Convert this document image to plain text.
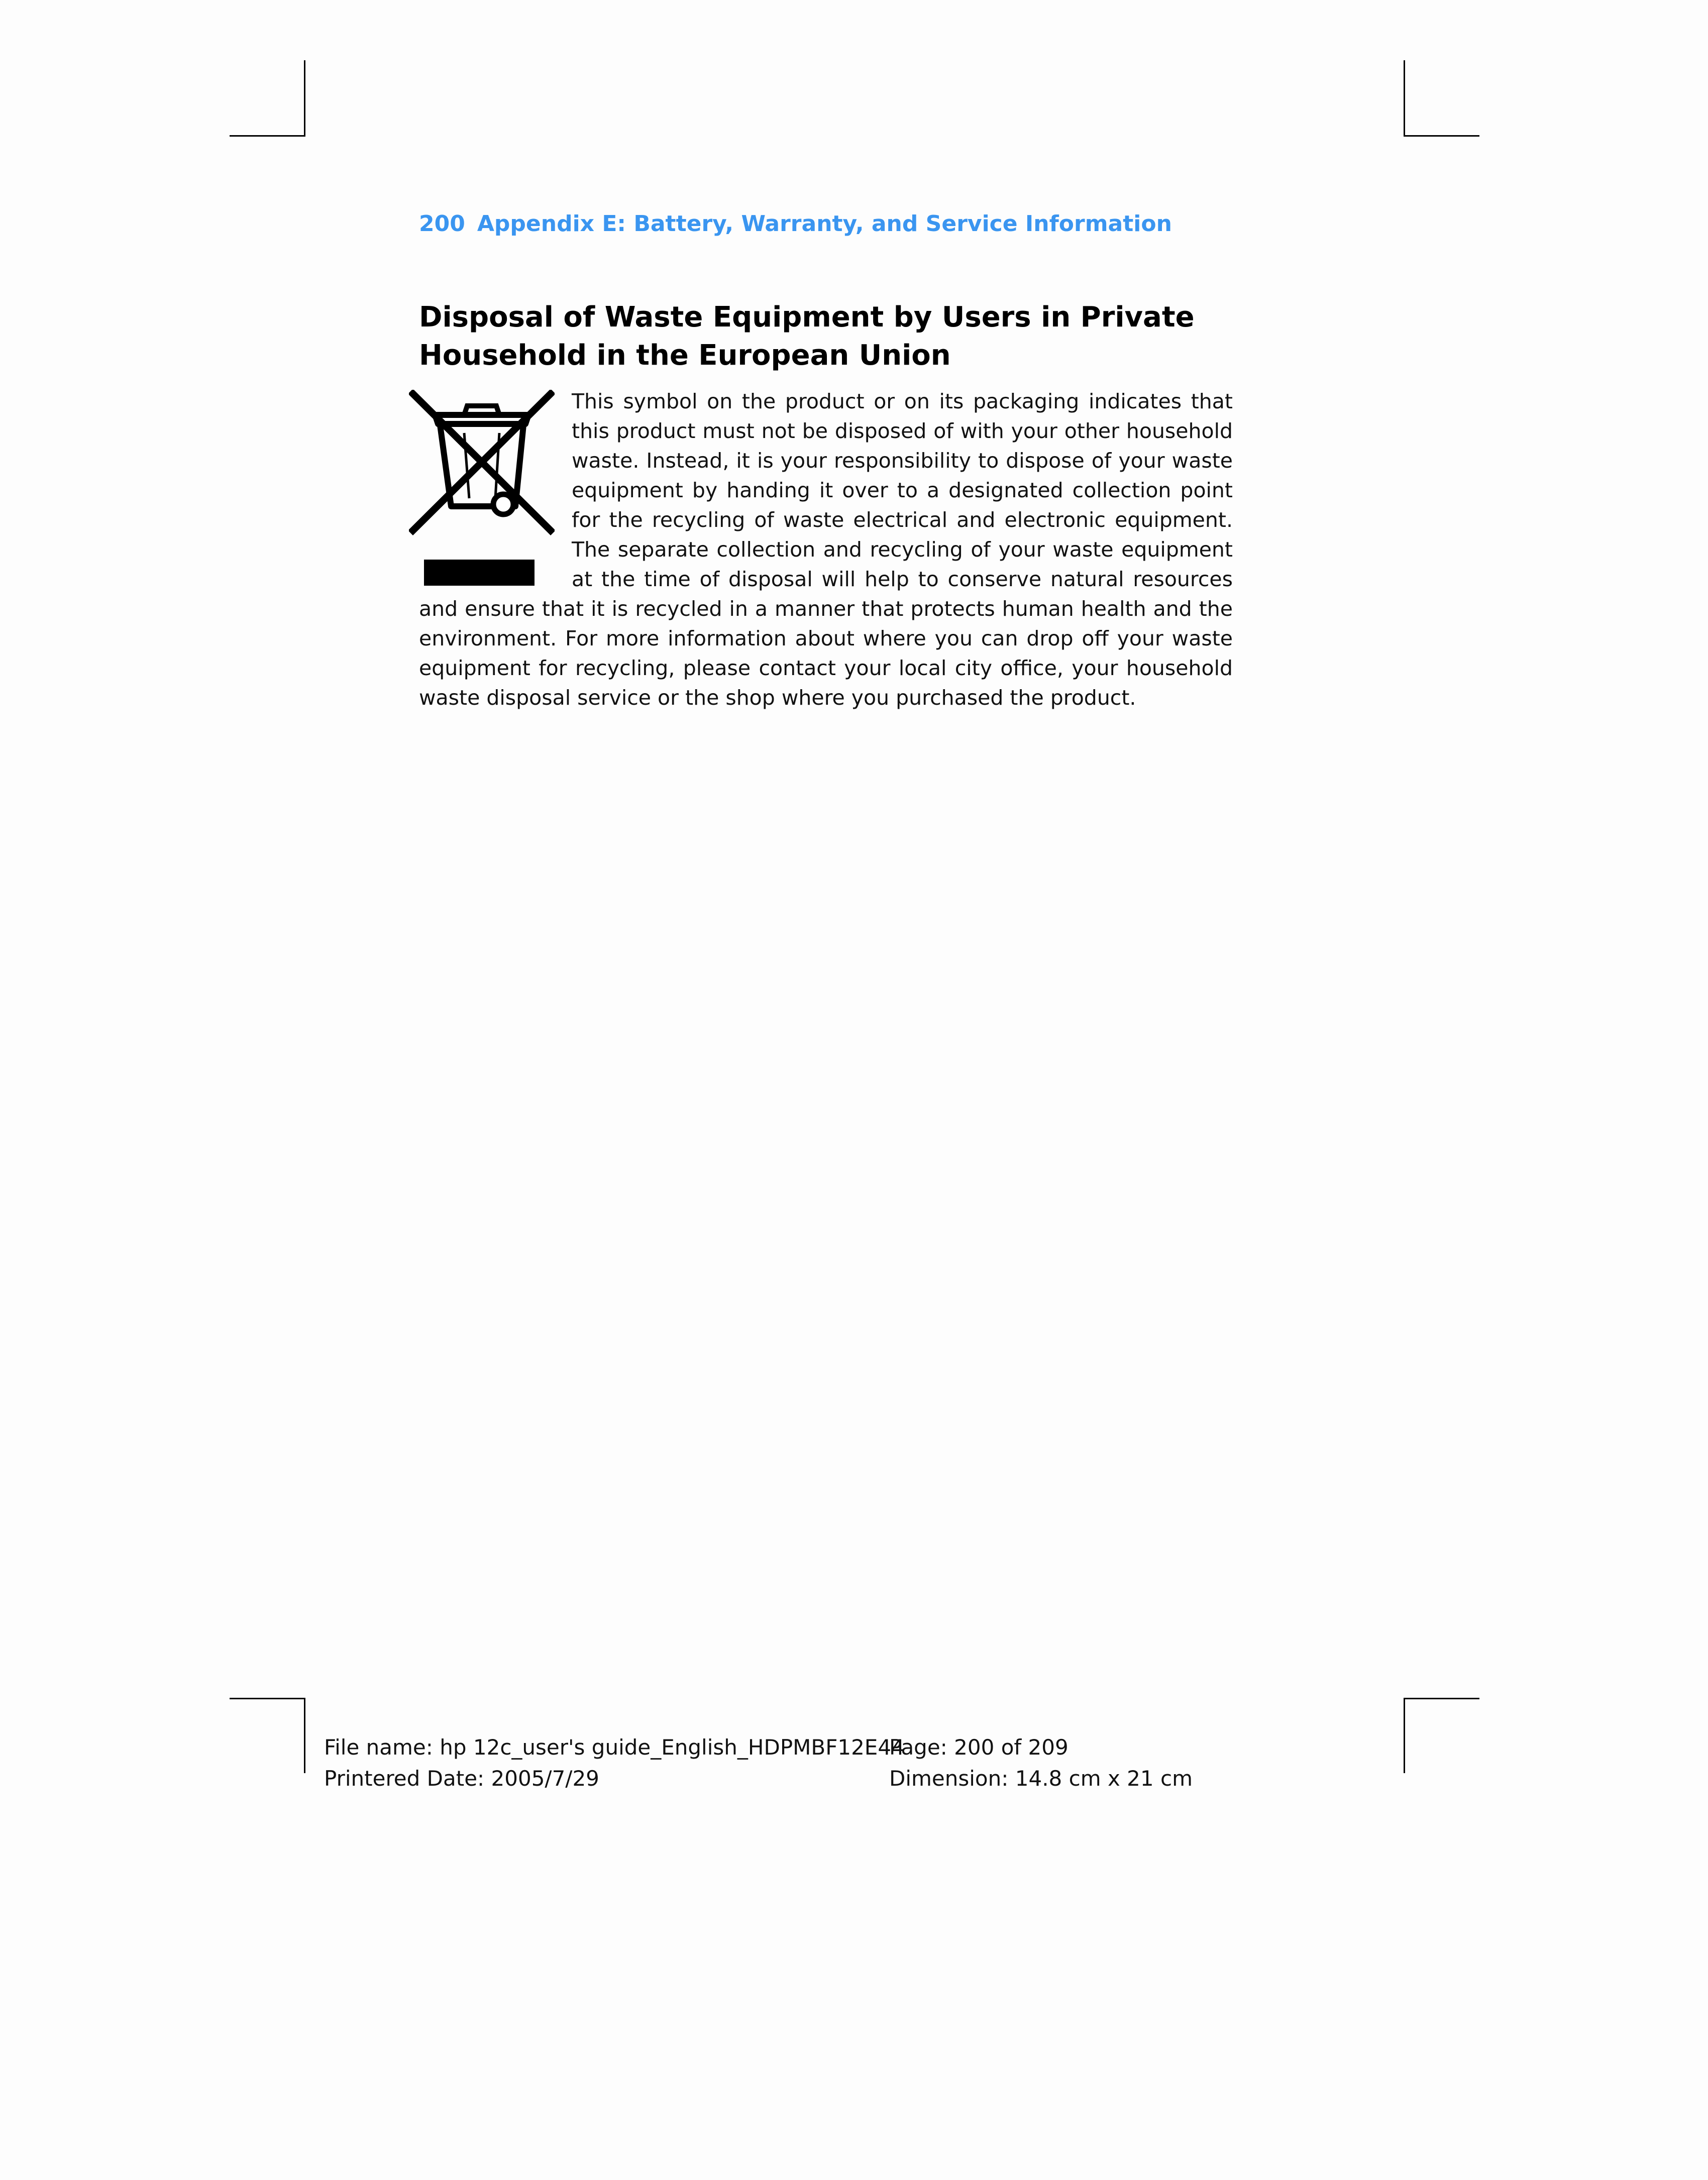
200 Appendix E: Battery, Warranty, and Service Information
Disposal of Waste Equipment by Users in Private Household in the European Union
This symbol on the product or on its packaging indicates that this product must not be disposed of with your other household waste. Instead, it is your responsibility to dispose of your waste equipment by handing it over to a designated collection point for the recycling of waste electrical and electronic equipment. The separate collection and recycling of your waste equipment at the time of disposal will help to conserve natural resources and ensure that it is recycled in a manner that protects human health and the environment. For more information about where you can drop off your waste equipment for recycling, please contact your local city office, your household waste disposal service or the shop where you purchased the product.
File name: hp 12c_user's guide_English_HDPMBF12E44
Printered Date: 2005/7/29
Page: 200 of 209
Dimension: 14.8 cm x 21 cm
